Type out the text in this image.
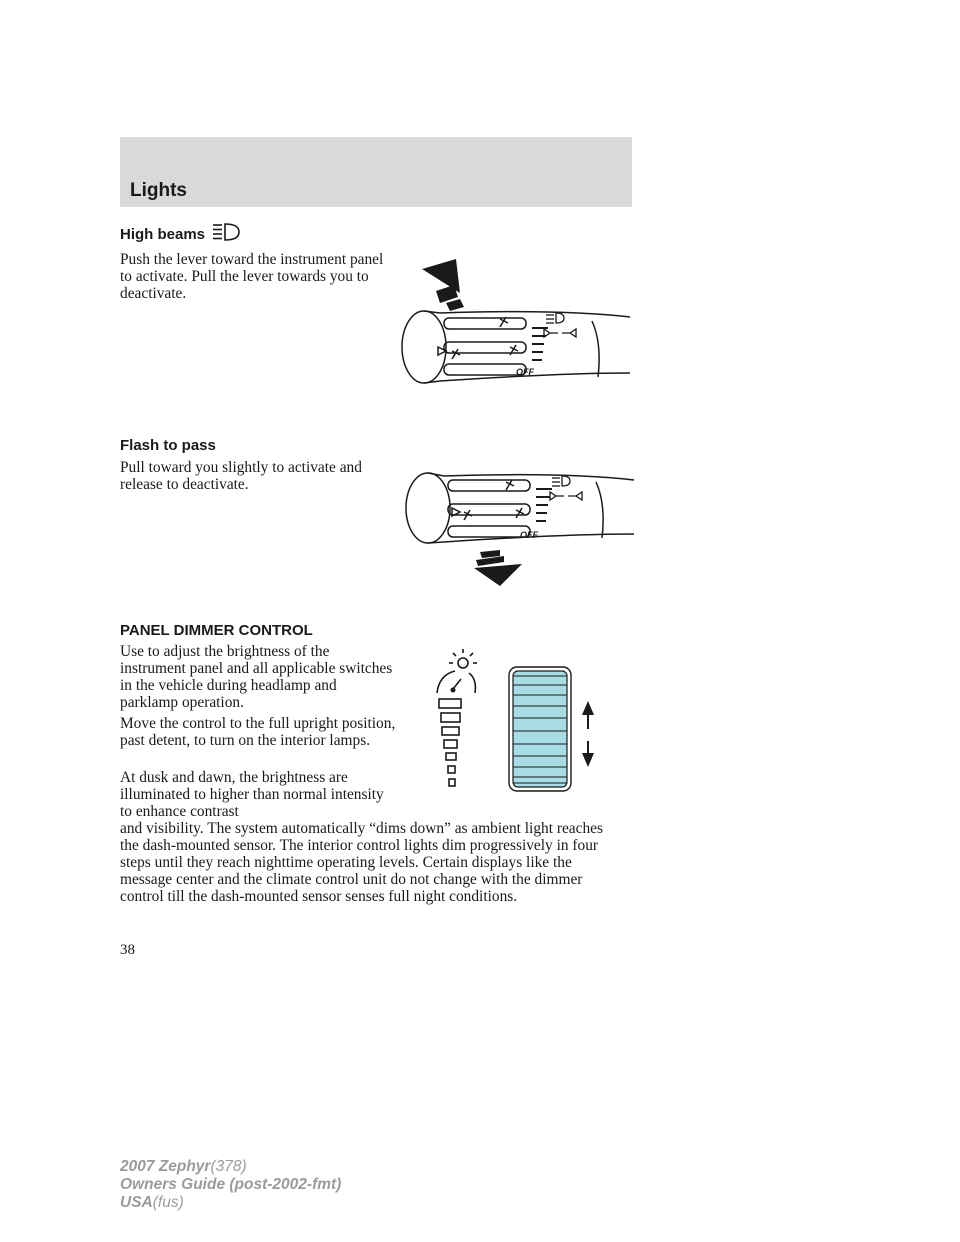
Lights
High beams
Push the lever toward the instrument panel to activate. Pull the lever towards you to deactivate.
OFF
Flash to pass
Pull toward you slightly to activate and release to deactivate.
OFF
PANEL DIMMER CONTROL
Use to adjust the brightness of the instrument panel and all applicable switches in the vehicle during headlamp and parklamp operation.
Move the control to the full upright position, past detent, to turn on the interior lamps.
At dusk and dawn, the brightness are illuminated to higher than normal intensity to enhance contrast
and visibility. The system automatically “dims down” as ambient light reaches the dash-mounted sensor. The interior control lights dim progressively in four steps until they reach nighttime operating levels. Certain displays like the message center and the climate control unit do not change with the dimmer control till the dash-mounted sensor senses full night conditions.
38
2007 Zephyr(378)
Owners Guide (post-2002-fmt)
USA(fus)
